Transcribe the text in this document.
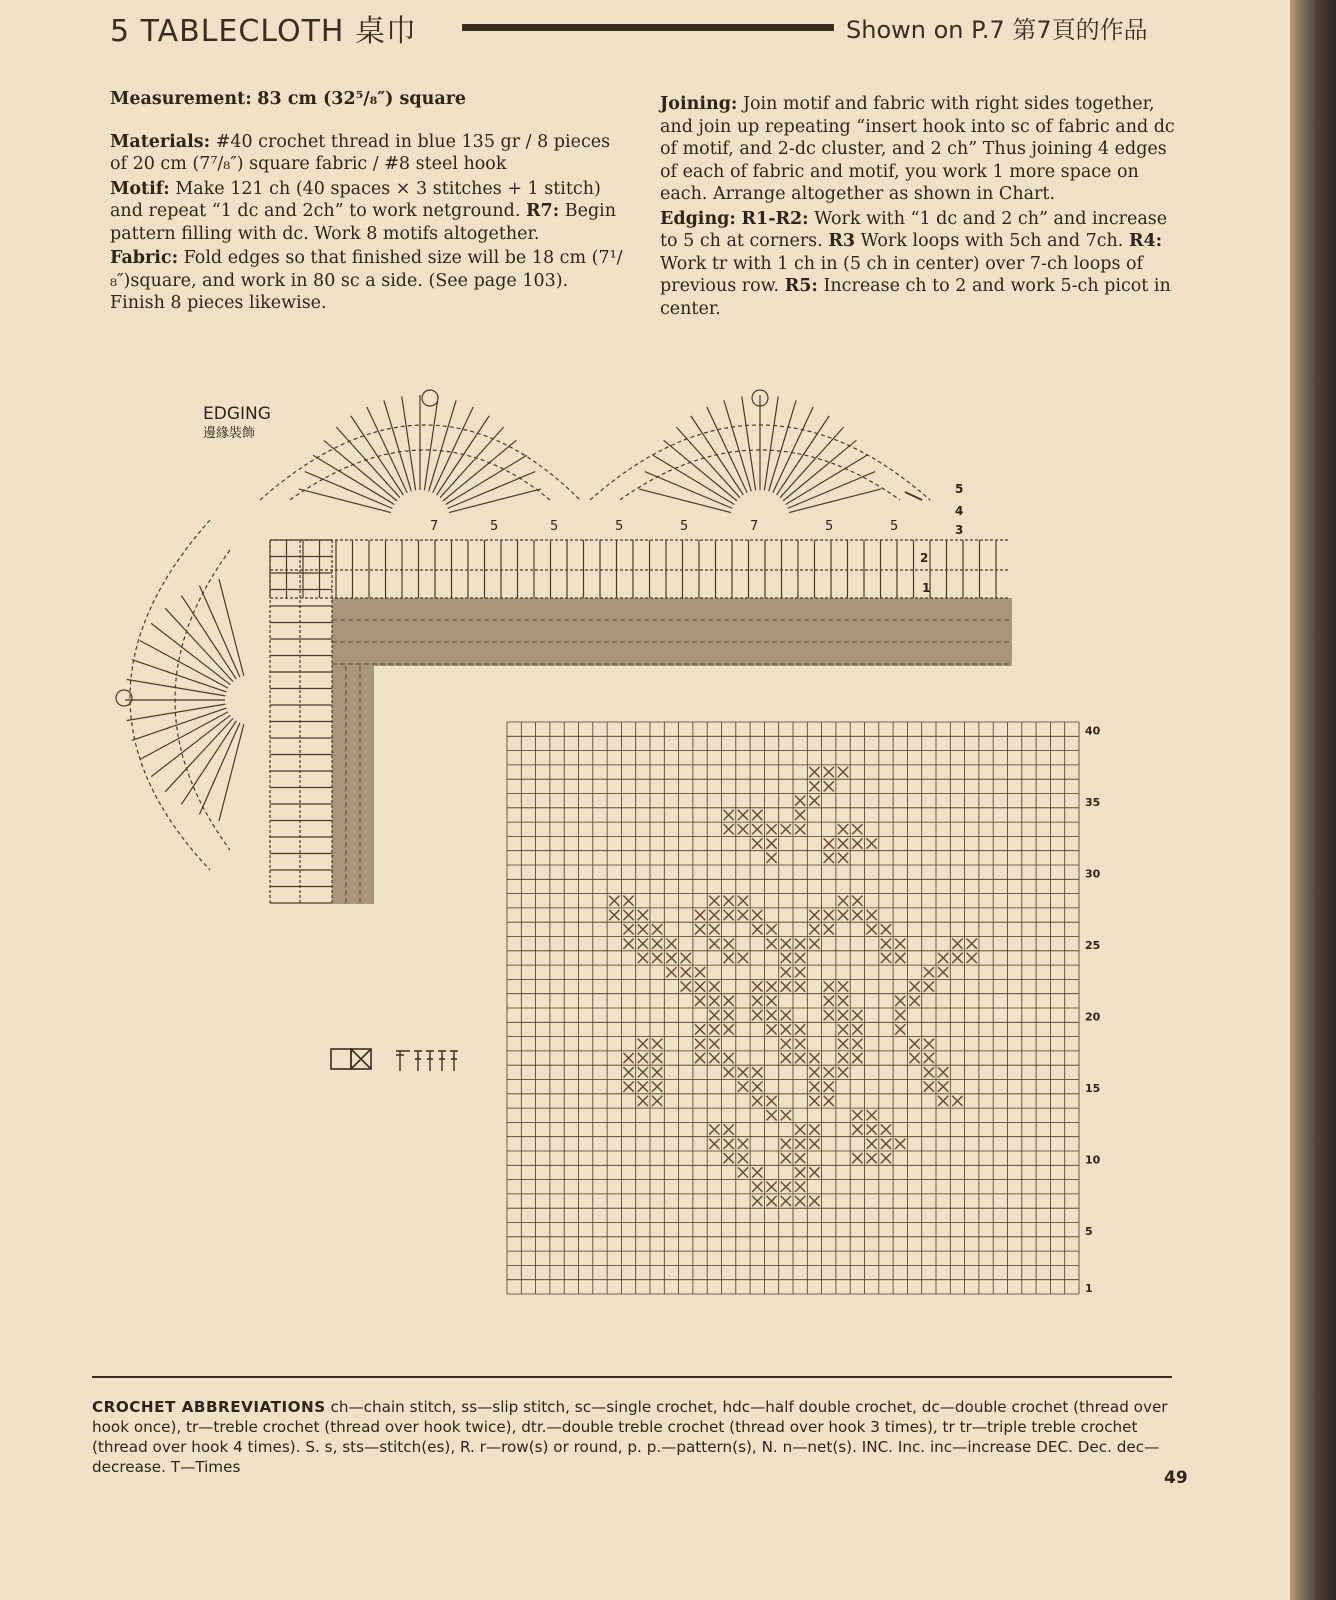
5 TABLECLOTH 桌巾	Shown on P.7 第7頁的作品

Measurement: 83 cm (32⁵/₈″) square

Materials: #40 crochet thread in blue 135 gr / 8 pieces of 20 cm (7⁷/₈″) square fabric / #8 steel hook

Motif: Make 121 ch (40 spaces × 3 stitches + 1 stitch) and repeat “1 dc and 2ch” to work netground. R7: Begin pattern filling with dc. Work 8 motifs altogether.

Fabric: Fold edges so that finished size will be 18 cm (7¹/₈″)square, and work in 80 sc a side. (See page 103). Finish 8 pieces likewise.

Joining: Join motif and fabric with right sides together, and join up repeating “insert hook into sc of fabric and dc of motif, and 2-dc cluster, and 2 ch” Thus joining 4 edges of each of fabric and motif, you work 1 more space on each. Arrange altogether as shown in Chart.

Edging: R1-R2: Work with “1 dc and 2 ch” and increase to 5 ch at corners. R3 Work loops with 5ch and 7ch. R4: Work tr with 1 ch in (5 ch in center) over 7-ch loops of previous row. R5: Increase ch to 2 and work 5-ch picot in center.

EDGING
邊緣裝飾
7	5	5	5	5	7	5	5
5
4
3
2
1
40
35
30
25
20
15
10
5
1
CROCHET ABBREVIATIONS ch—chain stitch, ss—slip stitch, sc—single crochet, hdc—half double crochet, dc—double crochet (thread over hook once), tr—treble crochet (thread over hook twice), dtr.—double treble crochet (thread over hook 3 times), tr tr—triple treble crochet (thread over hook 4 times). S. s, sts—stitch(es), R. r—row(s) or round, p. p.—pattern(s), N. n—net(s). INC. Inc. inc—increase DEC. Dec. dec—decrease. T—Times
49
